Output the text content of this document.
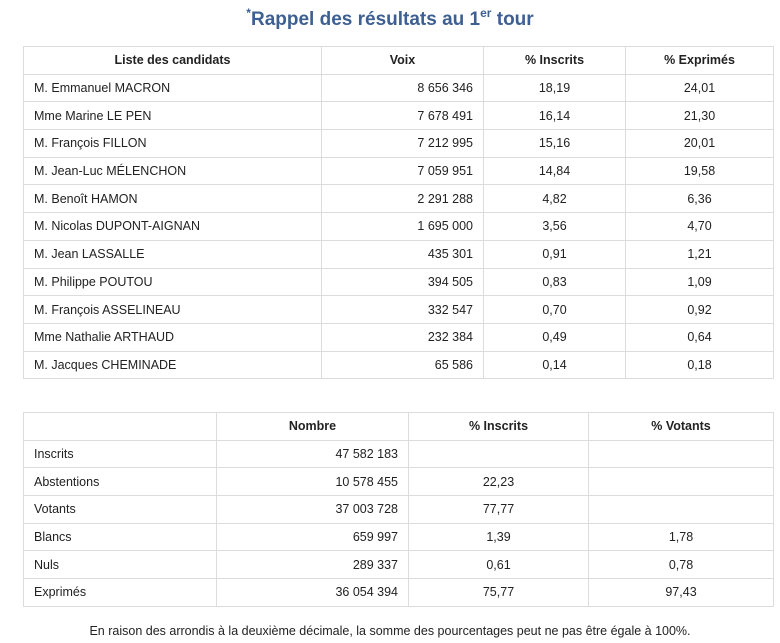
*Rappel des résultats au 1er tour
Liste des candidats	Voix	% Inscrits	% Exprimés
M. Emmanuel MACRON	8 656 346	18,19	24,01
Mme Marine LE PEN	7 678 491	16,14	21,30
M. François FILLON	7 212 995	15,16	20,01
M. Jean-Luc MÉLENCHON	7 059 951	14,84	19,58
M. Benoît HAMON	2 291 288	4,82	6,36
M. Nicolas DUPONT-AIGNAN	1 695 000	3,56	4,70
M. Jean LASSALLE	435 301	0,91	1,21
M. Philippe POUTOU	394 505	0,83	1,09
M. François ASSELINEAU	332 547	0,70	0,92
Mme Nathalie ARTHAUD	232 384	0,49	0,64
M. Jacques CHEMINADE	65 586	0,14	0,18
	Nombre	% Inscrits	% Votants
Inscrits	47 582 183		
Abstentions	10 578 455	22,23	
Votants	37 003 728	77,77	
Blancs	659 997	1,39	1,78
Nuls	289 337	0,61	0,78
Exprimés	36 054 394	75,77	97,43
En raison des arrondis à la deuxième décimale, la somme des pourcentages peut ne pas être égale à 100%.
